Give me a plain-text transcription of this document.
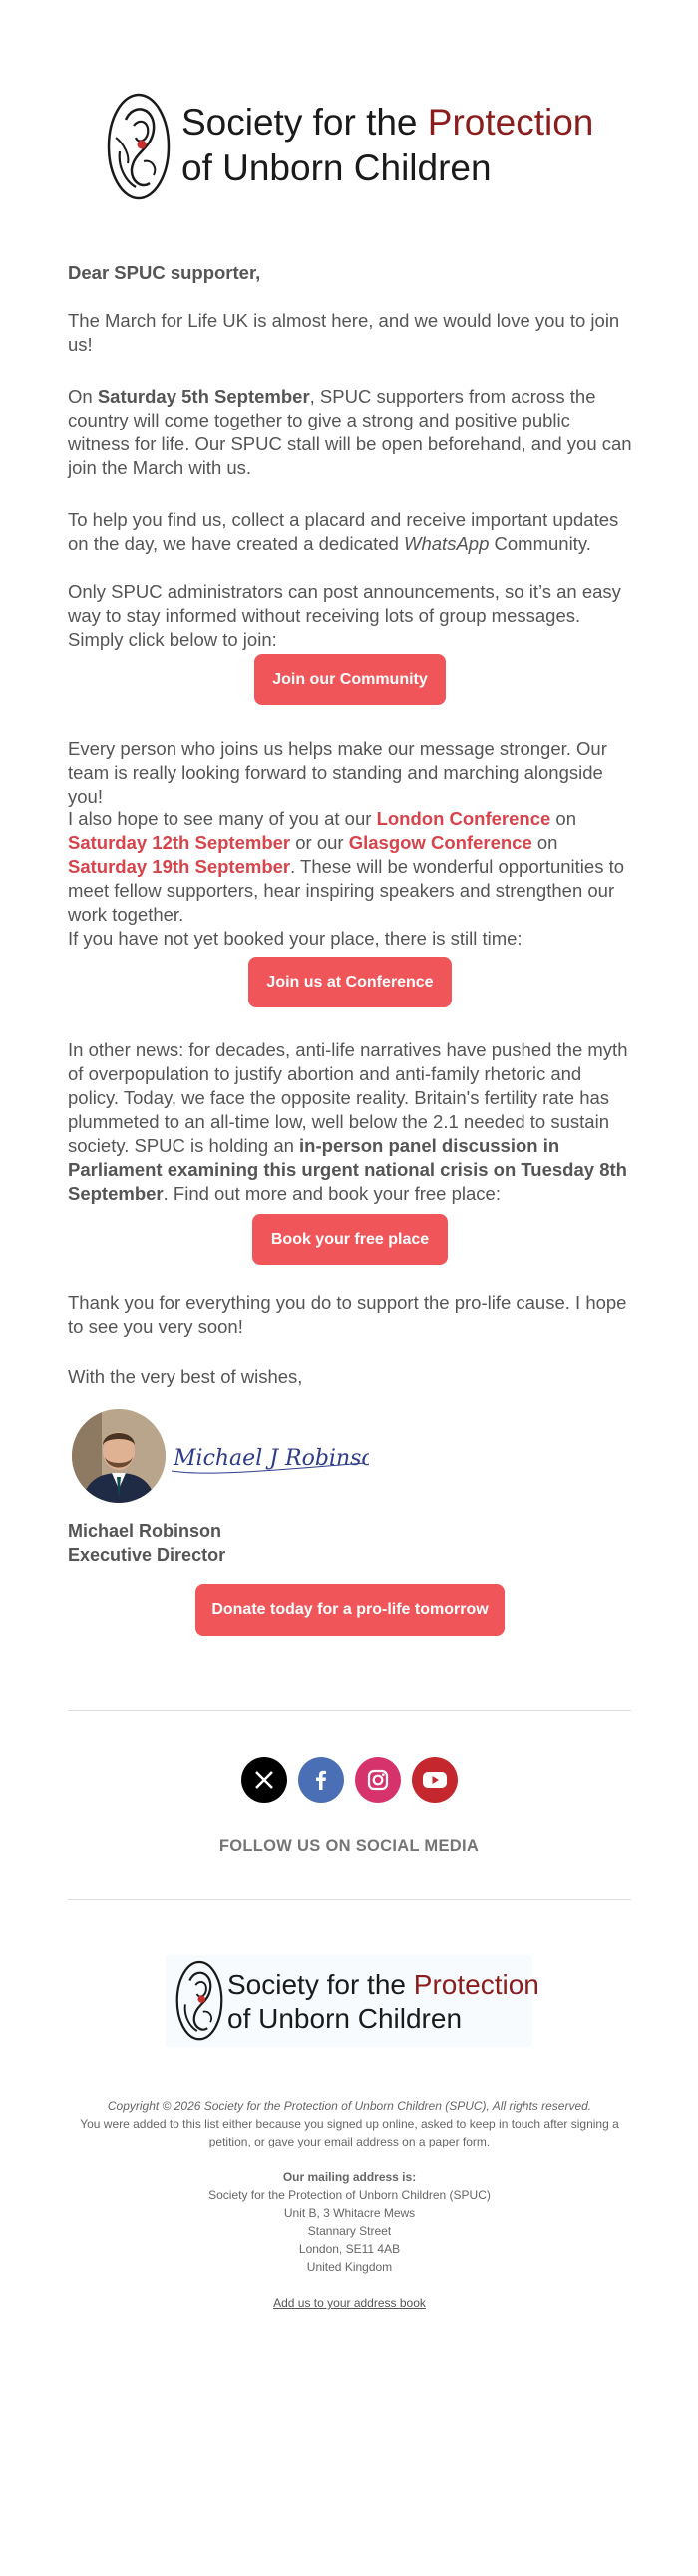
Society for the Protection
of Unborn Children

Dear SPUC supporter,

The March for Life UK is almost here, and we would love you to join us!

On Saturday 5th September, SPUC supporters from across the country will come together to give a strong and positive public witness for life. Our SPUC stall will be open beforehand, and you can join the March with us.

To help you find us, collect a placard and receive important updates on the day, we have created a dedicated WhatsApp Community.

Only SPUC administrators can post announcements, so it’s an easy way to stay informed without receiving lots of group messages. Simply click below to join:

Join our Community

Every person who joins us helps make our message stronger. Our team is really looking forward to standing and marching alongside you!

I also hope to see many of you at our London Conference on Saturday 12th September or our Glasgow Conference on Saturday 19th September. These will be wonderful opportunities to meet fellow supporters, hear inspiring speakers and strengthen our work together.

If you have not yet booked your place, there is still time:

Join us at Conference

In other news: for decades, anti-life narratives have pushed the myth of overpopulation to justify abortion and anti-family rhetoric and policy. Today, we face the opposite reality. Britain's fertility rate has plummeted to an all-time low, well below the 2.1 needed to sustain society. SPUC is holding an in-person panel discussion in Parliament examining this urgent national crisis on Tuesday 8th September. Find out more and book your free place:

Book your free place

Thank you for everything you do to support the pro-life cause. I hope to see you very soon!

With the very best of wishes,

Michael J Robinson
Michael Robinson
Executive Director
Donate today for a pro-life tomorrow
FOLLOW US ON SOCIAL MEDIA
Society for the Protection
of Unborn Children
Copyright © 2026 Society for the Protection of Unborn Children (SPUC), All rights reserved.
You were added to this list either because you signed up online, asked to keep in touch after signing a petition, or gave your email address on a paper form.
Our mailing address is:
Society for the Protection of Unborn Children (SPUC)
Unit B, 3 Whitacre Mews
Stannary Street
London, SE11 4AB
United Kingdom
Add us to your address book
